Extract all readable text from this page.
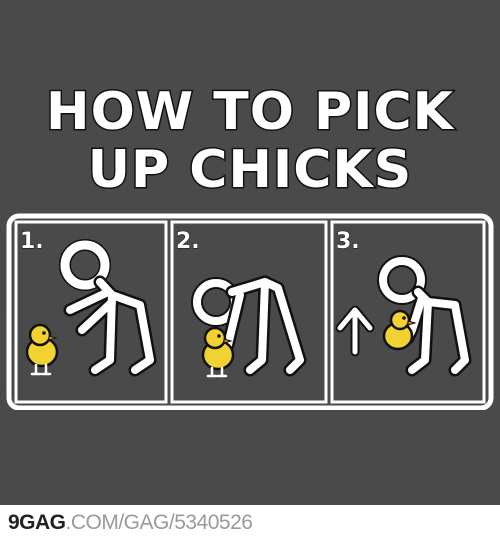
HOW TO PICK
UP CHICKS
1.	2.	3.
9GAG.COM/GAG/5340526
